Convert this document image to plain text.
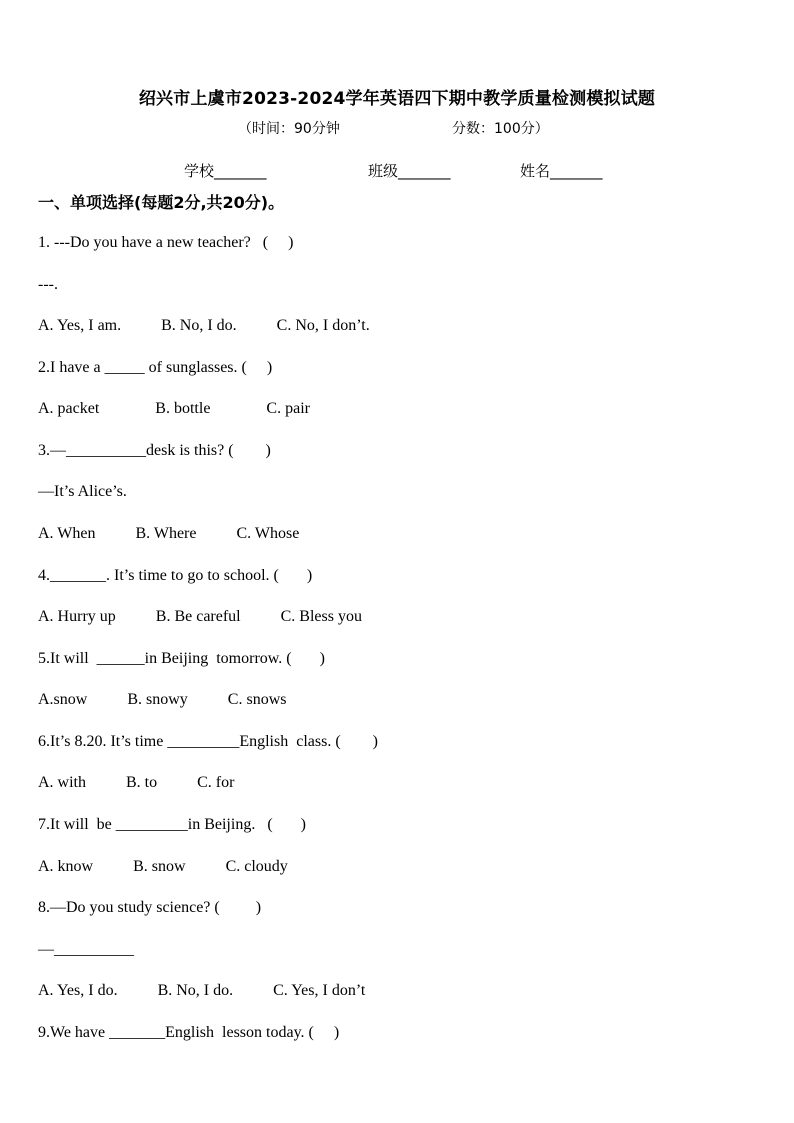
绍兴市上虞市2023-2024学年英语四下期中教学质量检测模拟试题
（时间：90分钟	分数：100分）
学校_______	班级_______	姓名_______
一、单项选择(每题2分,共20分)。
1. ---Do you have a new teacher?   (     )
---.
A. Yes, I am.          B. No, I do.          C. No, I don’t.
2.I have a _____ of sunglasses. (     )
A. packet              B. bottle              C. pair
3.—__________desk is this? (        )
—It’s Alice’s.
A. When          B. Where          C. Whose
4._______. It’s time to go to school. (       )
A. Hurry up          B. Be careful          C. Bless you
5.It will  ______in Beijing  tomorrow. (       )
A.snow          B. snowy          C. snows
6.It’s 8.20. It’s time _________English  class. (        )
A. with          B. to          C. for
7.It will  be _________in Beijing.   (       )
A. know          B. snow          C. cloudy
8.—Do you study science? (         )
—__________
A. Yes, I do.          B. No, I do.          C. Yes, I don’t
9.We have _______English  lesson today. (     )
